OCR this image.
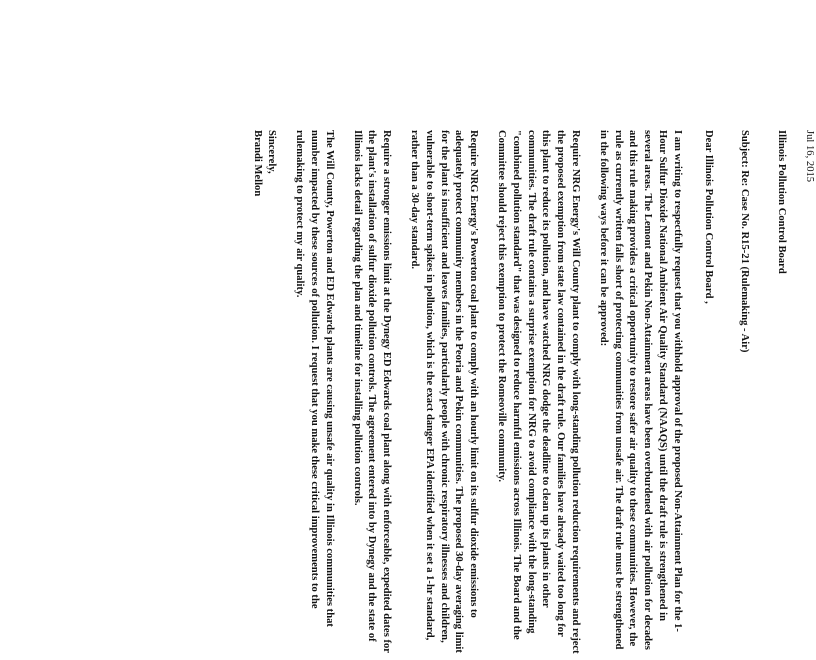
Jul 16, 2015

Illinois Pollution Control Board

Subject: Re: Case No. R15-21 (Rulemaking - Air)

Dear Illinois Pollution Control Board ,

I am writing to respectfully request that you withhold approval of the proposed Non-Attainment Plan for the 1-Hour Sulfur Dioxide National Ambient Air Quality Standard (NAAQS) until the draft rule is strengthened in several areas. The Lemont and Pekin Non-Attainment areas have been overburdened with air pollution for decades and this rule making provides a critical opportunity to restore safer air quality to these communities. However, the rule as currently written falls short of protecting communities from unsafe air. The draft rule must be strengthened in the following ways before it can be approved:

Require NRG Energy's Will County plant to comply with long-standing pollution reduction requirements and reject the proposed exemption from state law contained in the draft rule. Our families have already waited too long for this plant to reduce its pollution, and have watched NRG dodge the deadline to clean up its plants in other communities. The draft rule contains a surprise exemption for NRG to avoid compliance with the long-standing "combined pollution standard" that was designed to reduce harmful emissions across Illinois. The Board and the Committee should reject this exemption to protect the Romeoville community.

Require NRG Energy's Powerton coal plant to comply with an hourly limit on its sulfur dioxide emissions to adequately protect community members in the Peoria and Pekin communities. The proposed 30-day averaging limit for the plant is insufficient and leaves families, particularly people with chronic respiratory illnesses and children, vulnerable to short-term spikes in pollution, which is the exact danger EPA identified when it set a 1-hr standard, rather than a 30-day standard.

Require a stronger emissions limit at the Dynegy ED Edwards coal plant along with enforceable, expedited dates for the plant's installation of sulfur dioxide pollution controls. The agreement entered into by Dynegy and the state of Illinois lacks detail regarding the plan and timeline for installing pollution controls.

The Will County, Powerton and ED Edwards plants are causing unsafe air quality in Illinois communities that number impacted by these sources of pollution. I request that you make these critical improvements to the rulemaking to protect my air quality.

Sincerely,

Brandi Mellon
